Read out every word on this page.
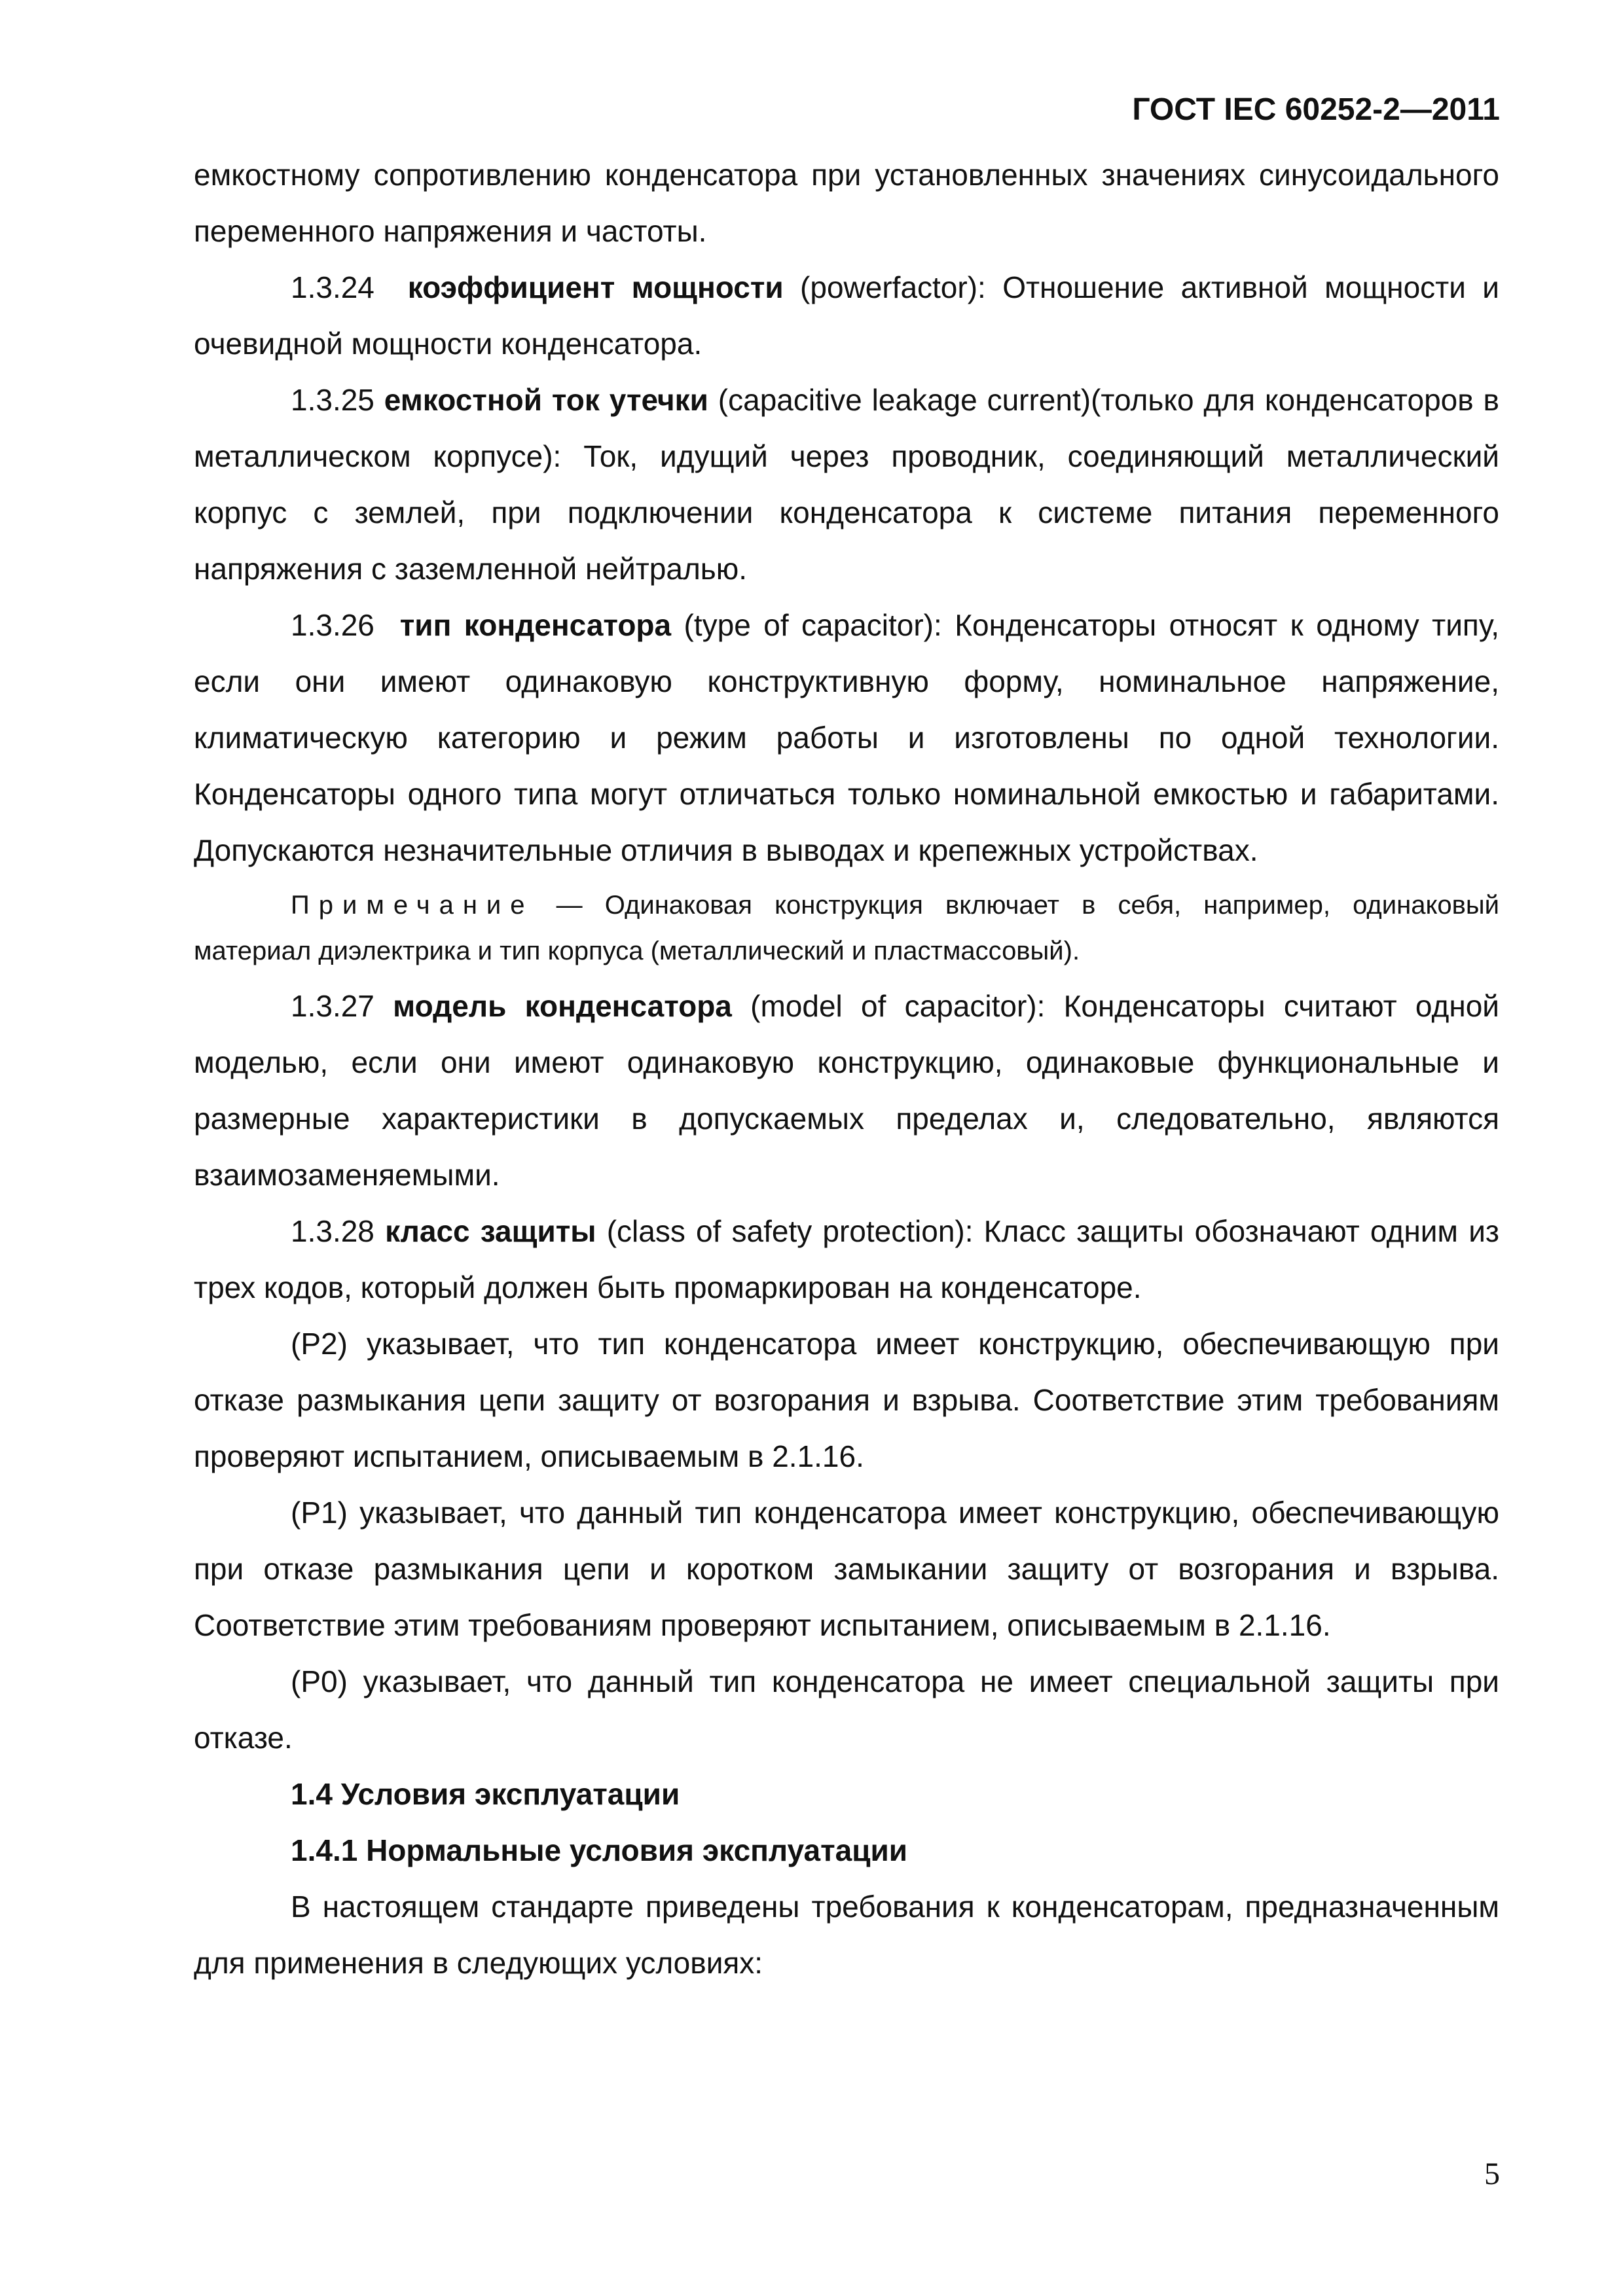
ГОСТ IEC 60252-2—2011

емкостному сопротивлению конденсатора при установленных значениях синусоидального переменного напряжения и частоты.

1.3.24 коэффициент мощности (powerfactor): Отношение активной мощности и очевидной мощности конденсатора.

1.3.25 емкостной ток утечки (capacitive leakage current)(только для конденсаторов в металлическом корпусе): Ток, идущий через проводник, соединяющий металлический корпус с землей, при подключении конденсатора к системе питания переменного напряжения с заземленной нейтралью.

1.3.26 тип конденсатора (type of capacitor): Конденсаторы относят к одному типу, если они имеют одинаковую конструктивную форму, номинальное напряжение, климатическую категорию и режим работы и изготовлены по одной технологии. Конденсаторы одного типа могут отличаться только номинальной емкостью и габаритами. Допускаются незначительные отличия в выводах и крепежных устройствах.

Примечание — Одинаковая конструкция включает в себя, например, одинаковый материал диэлектрика и тип корпуса (металлический и пластмассовый).

1.3.27 модель конденсатора (model of capacitor): Конденсаторы считают одной моделью, если они имеют одинаковую конструкцию, одинаковые функциональные и размерные характеристики в допускаемых пределах и, следовательно, являются взаимозаменяемыми.

1.3.28 класс защиты (class of safety protection): Класс защиты обозначают одним из трех кодов, который должен быть промаркирован на конденсаторе.

(P2) указывает, что тип конденсатора имеет конструкцию, обеспечивающую при отказе размыкания цепи защиту от возгорания и взрыва. Соответствие этим требованиям проверяют испытанием, описываемым в 2.1.16.

(P1) указывает, что данный тип конденсатора имеет конструкцию, обеспечивающую при отказе размыкания цепи и коротком замыкании защиту от возгорания и взрыва. Соответствие этим требованиям проверяют испытанием, описываемым в 2.1.16.

(P0) указывает, что данный тип конденсатора не имеет специальной защиты при отказе.

1.4 Условия эксплуатации

1.4.1 Нормальные условия эксплуатации

В настоящем стандарте приведены требования к конденсаторам, предназначенным для применения в следующих условиях:

5
